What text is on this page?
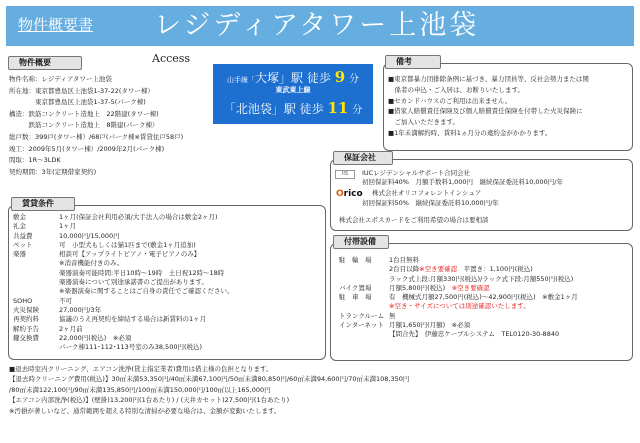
物件概要書 レジディアタワー上池袋
物件概要
物件名称：レジディアタワー上池袋
所在地：東京都豊島区上池袋1-37-22(タワー棟）
　　　　東京都豊島区上池袋1-37-5(パーク棟)
構造：鉄筋コンクリート造地上　22階建(タワー棟)
　　　鉄筋コンクリート造地上　8階建(パーク棟）
総戸数：399戸(タワー棟）/68戸(パーク棟※賃貸住戸58戸)
竣工：2009年5月(タワー棟）/2009年2月(パーク棟)
間取：1R～3LDK
契約期間：3年(定期借家契約)
Access
山手線「大塚」駅 徒歩 9 分
東武東上線
「北池袋」駅 徒歩 11 分
備考
■東京都暴力団排除条例に基づき、暴力団員等、反社会勢力または関
　係者の申込・ご入居は、お断りいたします。
■セカンドハウスのご利用は出来ません。
■借家人賠償責任保険及び個人賠償責任保険を付帯した火災保険に
　ご加入いただきます。
■1年未満解約時、賃料1ヵ月分の違約金がかかります。
保証会社
IIS	IUCレジデンシャルサポート合同会社
初回保証料40%　月額手数料1,000円　継続保証委託料10,000円/年
Orico 株式会社オリコフォレントインシュア
初回保証料50%　継続保証委託料10,000円/年
株式会社エポスカードをご利用希望の場合は要相談
賃貸条件
敷金	1ヶ月(保証会社利用必須/大手法人の場合は敷金2ヶ月)
礼金	1ヶ月
共益費	10,000円/15,000円
ペット	可　小型犬もしくは猫1匹まで(敷金1ヶ月追加)
楽器	相談可【アップライトピアノ・電子ピアノのみ】
	※消音機能付きのみ。
	楽器演奏可能時間:平日10時～19時　土日祝12時～18時
	楽器演奏について別途承諾書のご提出があります。
	※楽器演奏に関することはご自身の責任でご確認ください。
SOHO	不可
火災保険	27,000円/3年
再契約料	協議のうえ再契約を締結する場合は新賃料の1ヶ月
解約予告	2ヶ月前
鍵交換費	22,000円(税込)　※必須
	パーク棟111･112･113号室のみ38,500円(税込)
付帯設備
駐　輪　場	1台目無料
	2台目以降※空き要確認　平置き：1,100円(税込)
	ラック式上段:月額330円(税込)/ラック式下段:月額550円(税込)
バイク置場	月額5,800円(税込)　※空き要確認
駐　車　場	有　機械式月額27,500円(税込)～42,900円(税込)　※敷金1ヶ月
	※空き・サイズについては別途確認いたします。
トランクルーム	無
インターネット	月額1,650円(月額)　※必須
	【問合先】　伊藤忠ケーブルシステム　TEL0120-30-8840
■退去時室内クリーニング、エアコン洗浄(貸主指定業者)費用は借主様の負担となります。
【退去時クリーニング費用(税込)】30㎡未満53,350円/40㎡未満67,100円/50㎡未満80,850円/60㎡未満94,600円/70㎡未満108,350円
/80㎡未満122,100円/90㎡未満135,850円/100㎡未満150,000円/100㎡以上165,000円
【エアコン内部洗浄(税込)】(壁掛)13,200円(1台あたり) / (天井カセット)27,500円(1台あたり)
※汚損が著しいなど、通常範囲を超える特別な清掃が必要な場合は、金額が変動いたします。
